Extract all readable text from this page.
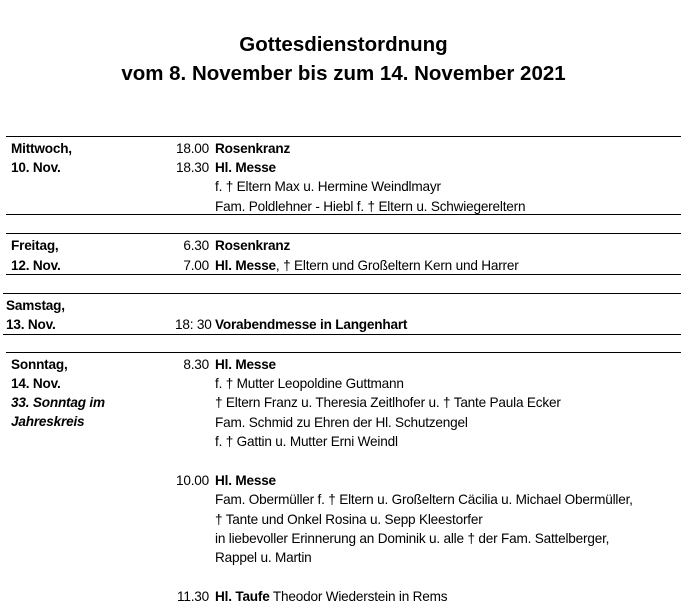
Gottesdienstordnung
vom 8. November bis zum 14. November 2021
Mittwoch,
10. Nov.
18.00 Rosenkranz
18.30 Hl. Messe
f. † Eltern Max u. Hermine Weindlmayr
Fam. Poldlehner - Hiebl f. † Eltern u. Schwiegereltern
Freitag,
12. Nov.
6.30 Rosenkranz
7.00 Hl. Messe, † Eltern und Großeltern Kern und Harrer
Samstag,
13. Nov.	18: 30 Vorabendmesse in Langenhart
Sonntag,
14. Nov.
33. Sonntag im
Jahreskreis
8.30 Hl. Messe
f. † Mutter Leopoldine Guttmann
† Eltern Franz u. Theresia Zeitlhofer u. † Tante Paula Ecker
Fam. Schmid zu Ehren der Hl. Schutzengel
f. † Gattin u. Mutter Erni Weindl
10.00 Hl. Messe
Fam. Obermüller f. † Eltern u. Großeltern Cäcilia u. Michael Obermüller,
† Tante und Onkel Rosina u. Sepp Kleestorfer
in liebevoller Erinnerung an Dominik u. alle † der Fam. Sattelberger,
Rappel u. Martin
11.30 Hl. Taufe Theodor Wiederstein in Rems
